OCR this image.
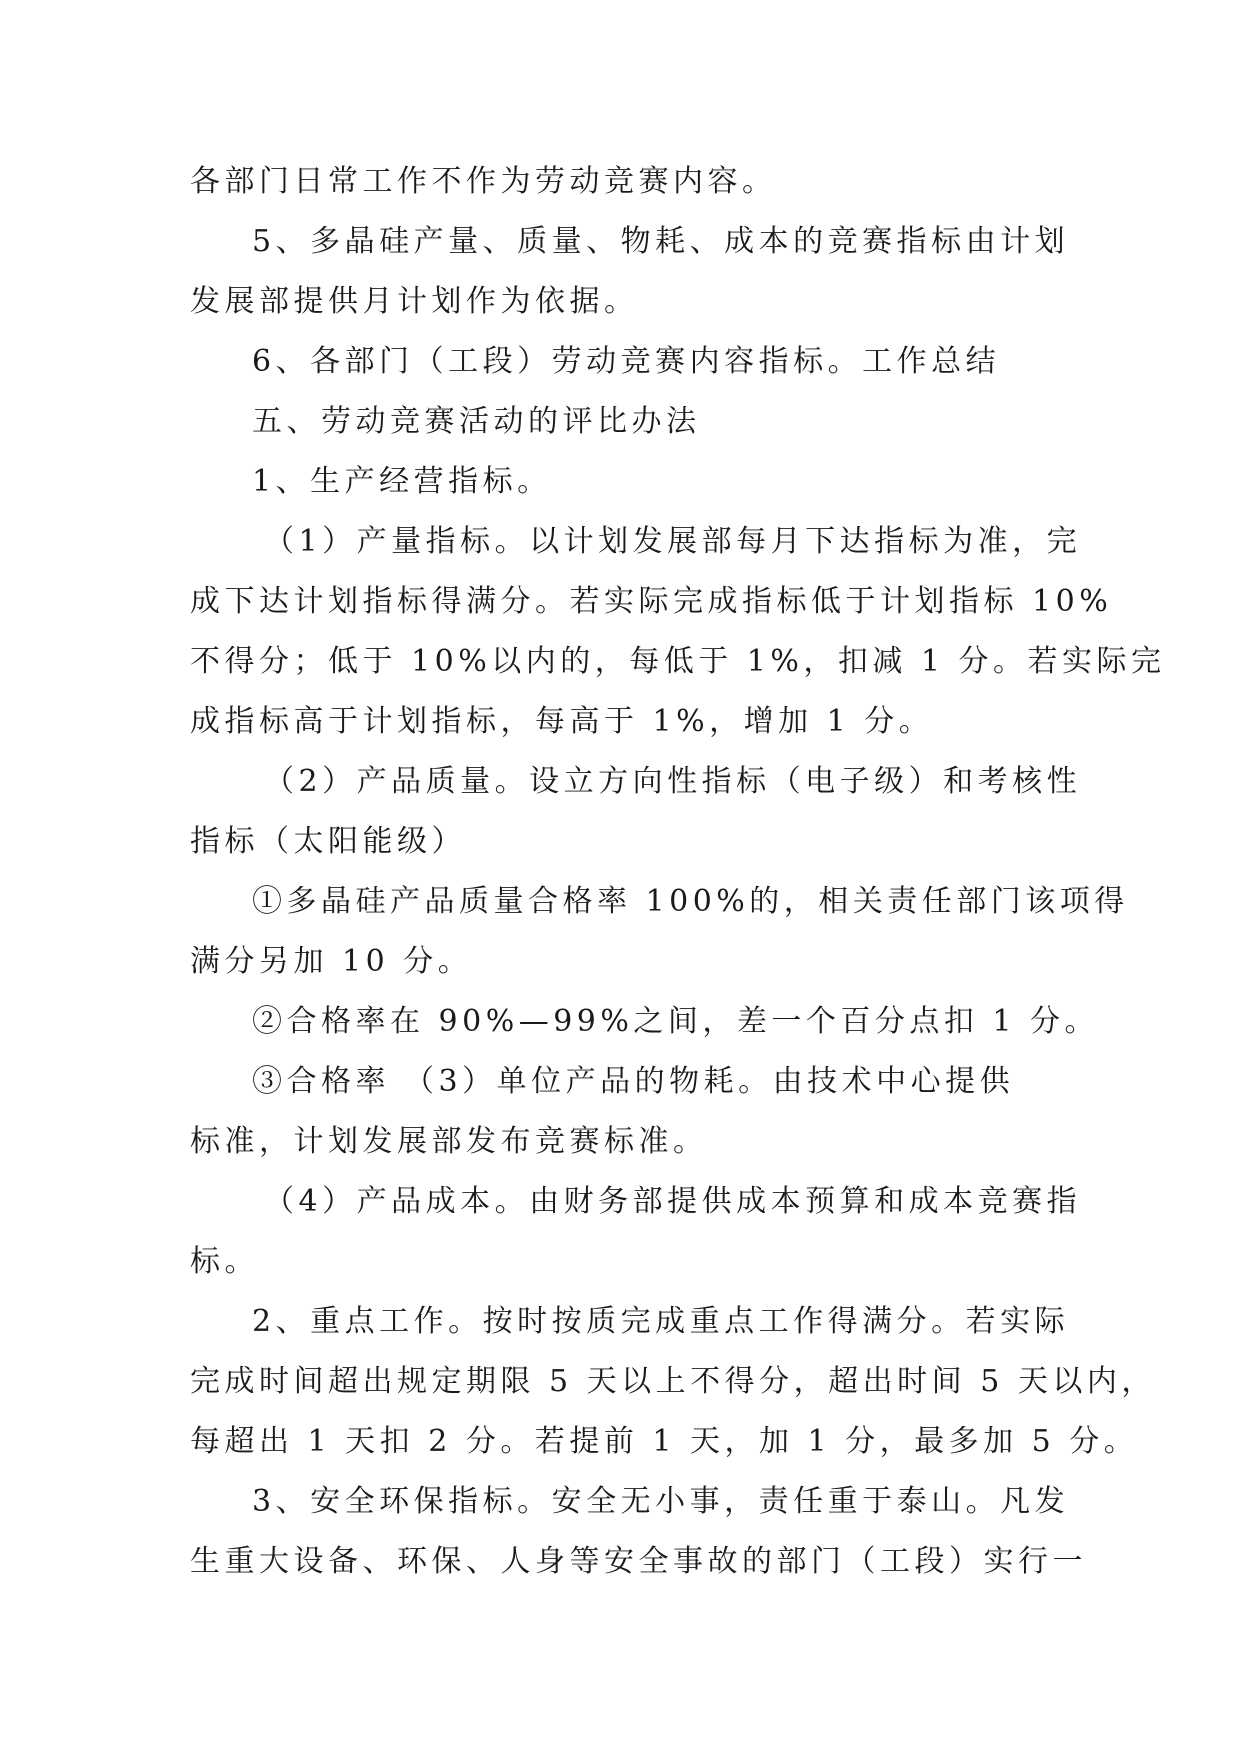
各部门日常工作不作为劳动竞赛内容。
5、多晶硅产量、质量、物耗、成本的竞赛指标由计划
发展部提供月计划作为依据。
6、各部门（工段）劳动竞赛内容指标。工作总结
五、劳动竞赛活动的评比办法
1、生产经营指标。
（1）产量指标。以计划发展部每月下达指标为准，完
成下达计划指标得满分。若实际完成指标低于计划指标 10%
不得分；低于 10%以内的，每低于 1%，扣减 1 分。若实际完
成指标高于计划指标，每高于 1%，增加 1 分。
（2）产品质量。设立方向性指标（电子级）和考核性
指标（太阳能级）
①多晶硅产品质量合格率 100%的，相关责任部门该项得
满分另加 10 分。
②合格率在 90%—99%之间，差一个百分点扣 1 分。
③合格率 （3）单位产品的物耗。由技术中心提供
标准，计划发展部发布竞赛标准。
（4）产品成本。由财务部提供成本预算和成本竞赛指
标。
2、重点工作。按时按质完成重点工作得满分。若实际
完成时间超出规定期限 5 天以上不得分，超出时间 5 天以内，
每超出 1 天扣 2 分。若提前 1 天，加 1 分，最多加 5 分。
3、安全环保指标。安全无小事，责任重于泰山。凡发
生重大设备、环保、人身等安全事故的部门（工段）实行一
